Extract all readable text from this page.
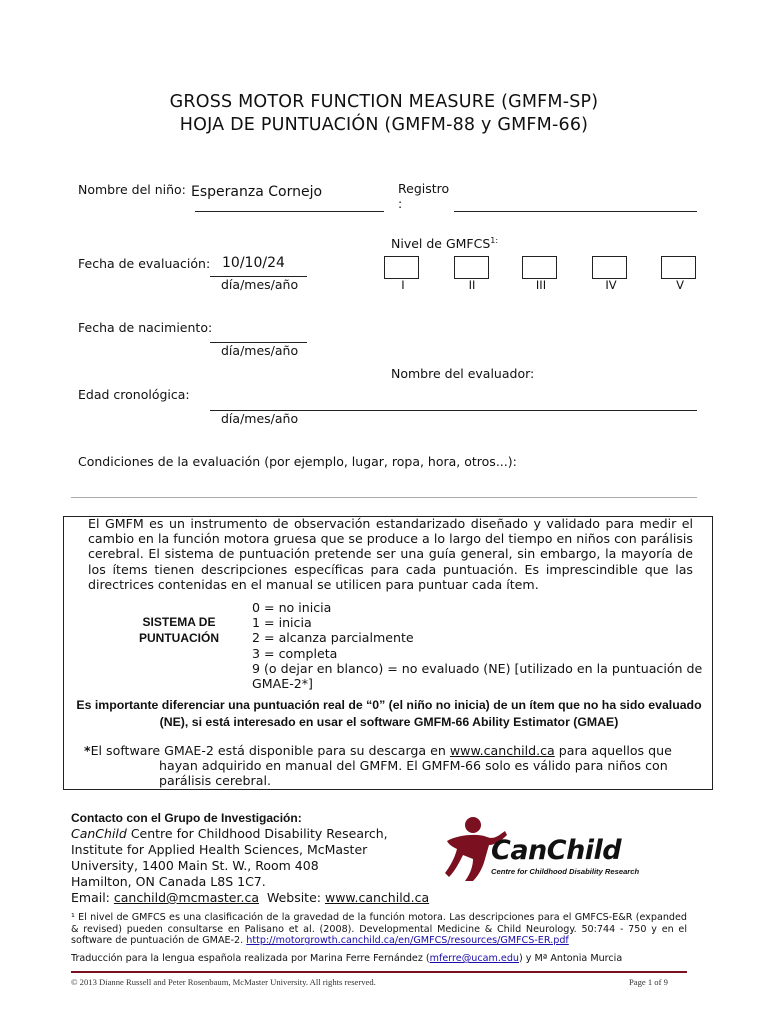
GROSS MOTOR FUNCTION MEASURE (GMFM-SP)
HOJA DE PUNTUACIÓN (GMFM-88 y GMFM-66)
Nombre del niño: Esperanza Cornejo	Registro
:
Nivel de $GMFCS^{1:}$
I	II	III	IV	V
Fecha de evaluación: 10/10/24
día/mes/año
Fecha de nacimiento:
día/mes/año
Nombre del evaluador:
Edad cronológica:
día/mes/año
Condiciones de la evaluación (por ejemplo, lugar, ropa, hora, otros...):
El GMFM es un instrumento de observación estandarizado diseñado y validado para medir el cambio en la función motora gruesa que se produce a lo largo del tiempo en niños con parálisis cerebral. El sistema de puntuación pretende ser una guía general, sin embargo, la mayoría de los ítems tienen descripciones específicas para cada puntuación. Es imprescindible que las directrices contenidas en el manual se utilicen para puntuar cada ítem.
SISTEMA DE PUNTUACIÓN
0 = no inicia
1 = inicia
2 = alcanza parcialmente
3 = completa
9 (o dejar en blanco) = no evaluado (NE) [utilizado en la puntuación de GMAE-2*]
Es importante diferenciar una puntuación real de “0” (el niño no inicia) de un ítem que no ha sido evaluado (NE), si está interesado en usar el software GMFM-66 Ability Estimator (GMAE)
*El software GMAE-2 está disponible para su descarga en www.canchild.ca para aquellos que
hayan adquirido en manual del GMFM. El GMFM-66 solo es válido para niños con parálisis cerebral.
Contacto con el Grupo de Investigación:
CanChild Centre for Childhood Disability Research,
Institute for Applied Health Sciences, McMaster
University, 1400 Main St. W., Room 408
Hamilton, ON Canada L8S 1C7.
Email: canchild@mcmaster.ca  Website: www.canchild.ca
CanChild
Centre for Childhood Disability Research
¹ El nivel de GMFCS es una clasificación de la gravedad de la función motora. Las descripciones para el GMFCS-E&R (expanded & revised) pueden consultarse en Palisano et al. (2008). Developmental Medicine & Child Neurology. 50:744 - 750 y en el software de puntuación de GMAE-2. http://motorgrowth.canchild.ca/en/GMFCS/resources/GMFCS-ER.pdf
Traducción para la lengua española realizada por Marina Ferre Fernández (mferre@ucam.edu) y Mª Antonia Murcia
© 2013 Dianne Russell and Peter Rosenbaum, McMaster University. All rights reserved.	Page 1 of 9
